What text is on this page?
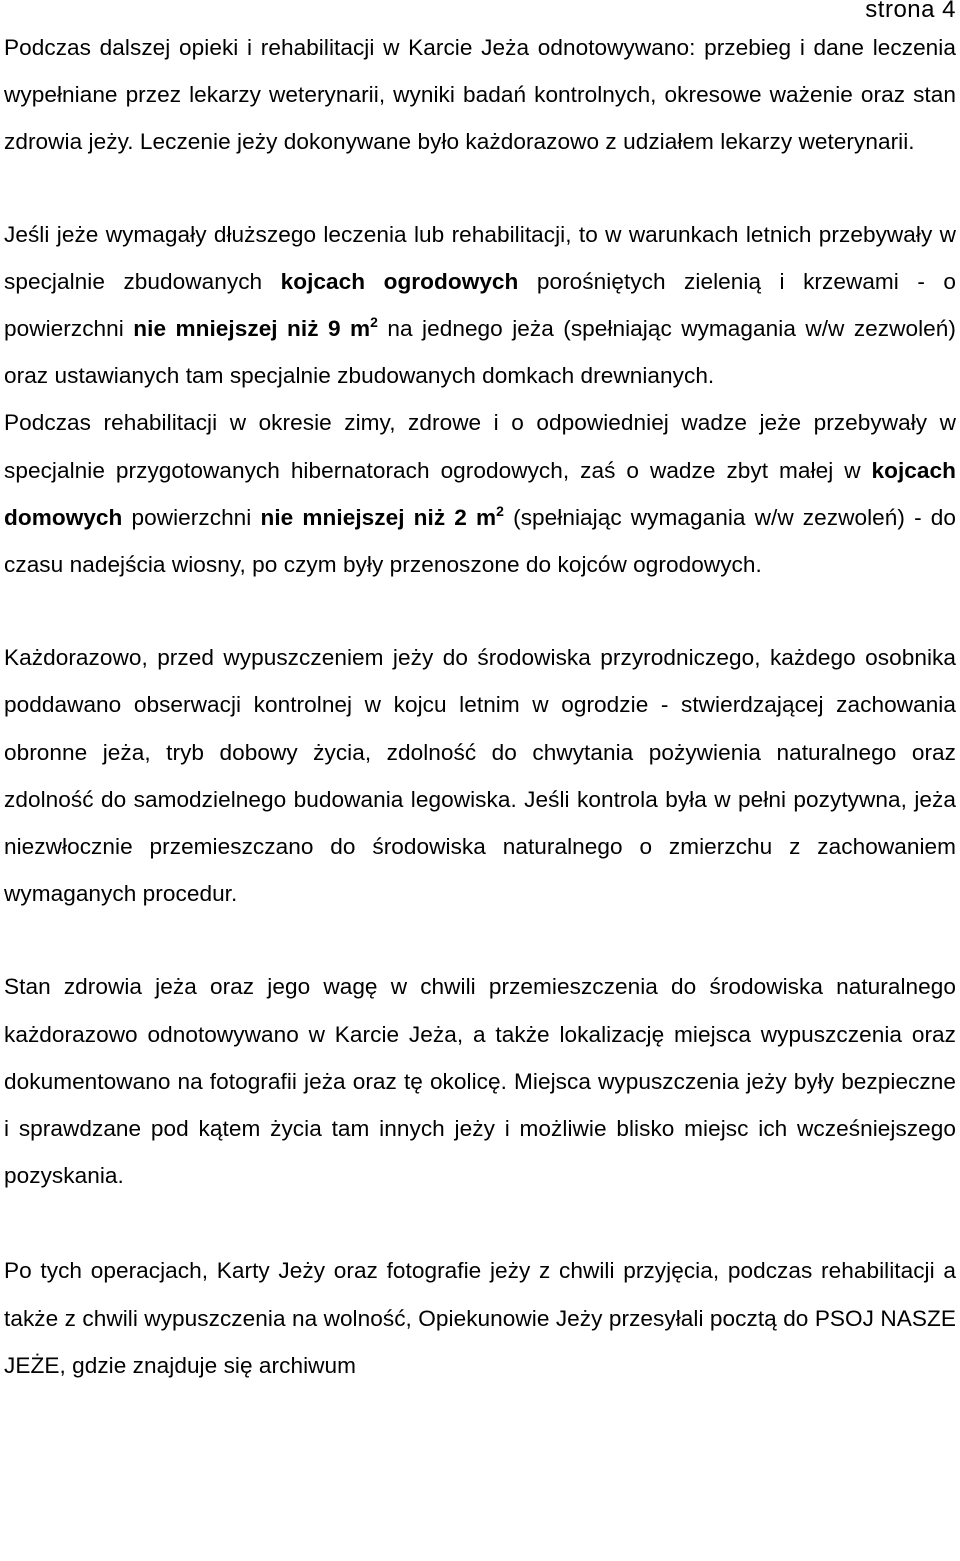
strona 4

Podczas dalszej opieki i rehabilitacji w Karcie Jeża odnotowywano: przebieg i dane leczenia wypełniane przez lekarzy weterynarii, wyniki badań kontrolnych, okresowe ważenie oraz stan zdrowia jeży. Leczenie jeży dokonywane było każdorazowo z udziałem lekarzy weterynarii.

Jeśli jeże wymagały dłuższego leczenia lub rehabilitacji, to w warunkach letnich przebywały w specjalnie zbudowanych kojcach ogrodowych porośniętych zielenią i krzewami - o powierzchni nie mniejszej niż 9 $m^2$ na jednego jeża (spełniając wymagania w/w zezwoleń) oraz ustawianych tam specjalnie zbudowanych domkach drewnianych.

Podczas rehabilitacji w okresie zimy, zdrowe i o odpowiedniej wadze jeże przebywały w specjalnie przygotowanych hibernatorach ogrodowych, zaś o wadze zbyt małej w kojcach domowych powierzchni nie mniejszej niż 2 $m^2$ (spełniając wymagania w/w zezwoleń) - do czasu nadejścia wiosny, po czym były przenoszone do kojców ogrodowych.

Każdorazowo, przed wypuszczeniem jeży do środowiska przyrodniczego, każdego osobnika poddawano obserwacji kontrolnej w kojcu letnim w ogrodzie - stwierdzającej zachowania obronne jeża, tryb dobowy życia, zdolność do chwytania pożywienia naturalnego oraz zdolność do samodzielnego budowania legowiska. Jeśli kontrola była w pełni pozytywna, jeża niezwłocznie przemieszczano do środowiska naturalnego o zmierzchu z zachowaniem wymaganych procedur.

Stan zdrowia jeża oraz jego wagę w chwili przemieszczenia do środowiska naturalnego każdorazowo odnotowywano w Karcie Jeża, a także lokalizację miejsca wypuszczenia oraz dokumentowano na fotografii jeża oraz tę okolicę. Miejsca wypuszczenia jeży były bezpieczne i sprawdzane pod kątem życia tam innych jeży i możliwie blisko miejsc ich wcześniejszego pozyskania.

Po tych operacjach, Karty Jeży oraz fotografie jeży z chwili przyjęcia, podczas rehabilitacji a także z chwili wypuszczenia na wolność, Opiekunowie Jeży przesyłali pocztą do PSOJ NASZE JEŻE, gdzie znajduje się archiwum
